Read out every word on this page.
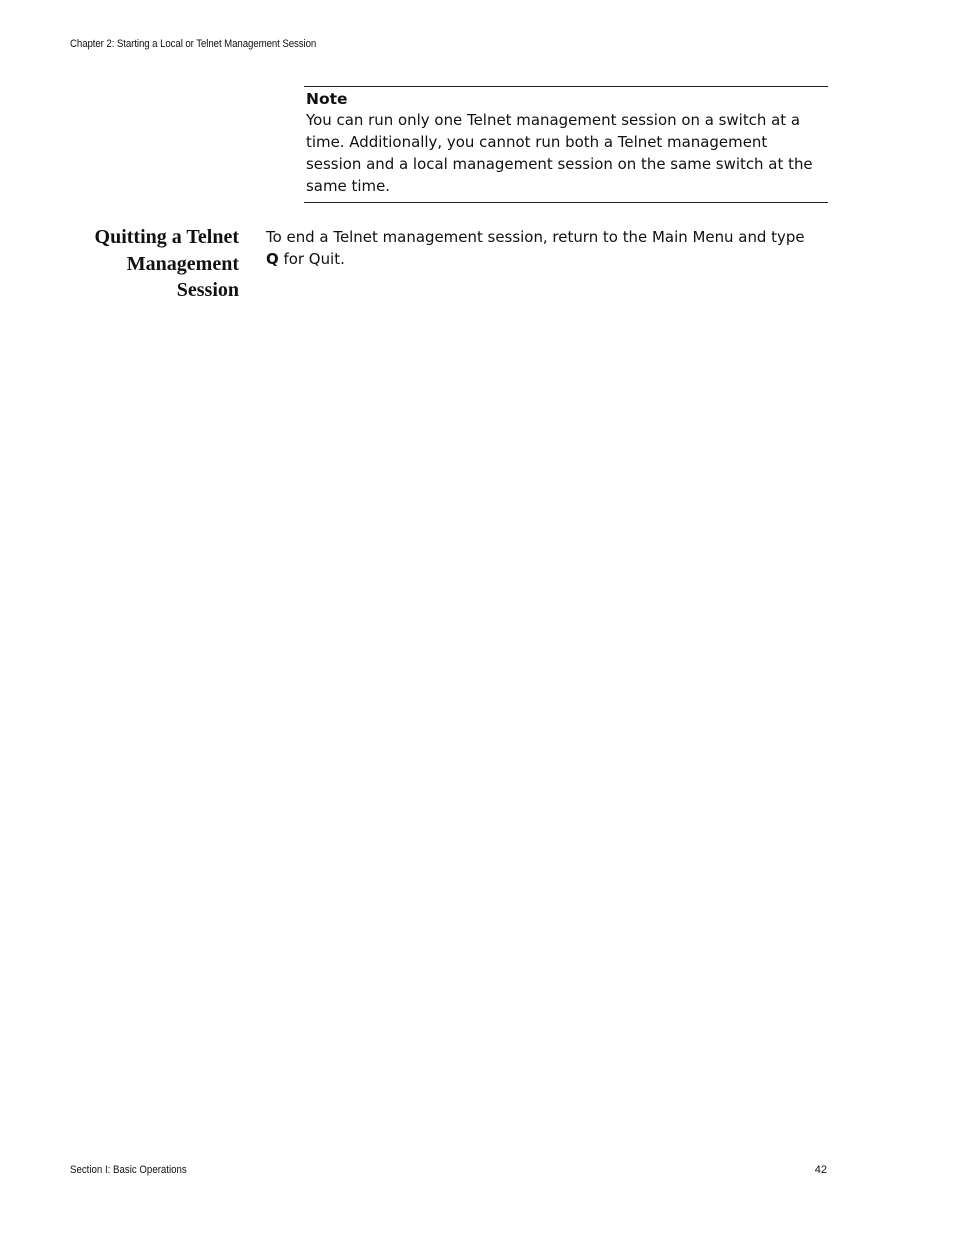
Chapter 2: Starting a Local or Telnet Management Session
Note
You can run only one Telnet management session on a switch at a
time. Additionally, you cannot run both a Telnet management
session and a local management session on the same switch at the
same time.
Quitting a Telnet
Management
Session
To end a Telnet management session, return to the Main Menu and type
Q for Quit.
Section I: Basic Operations	42
